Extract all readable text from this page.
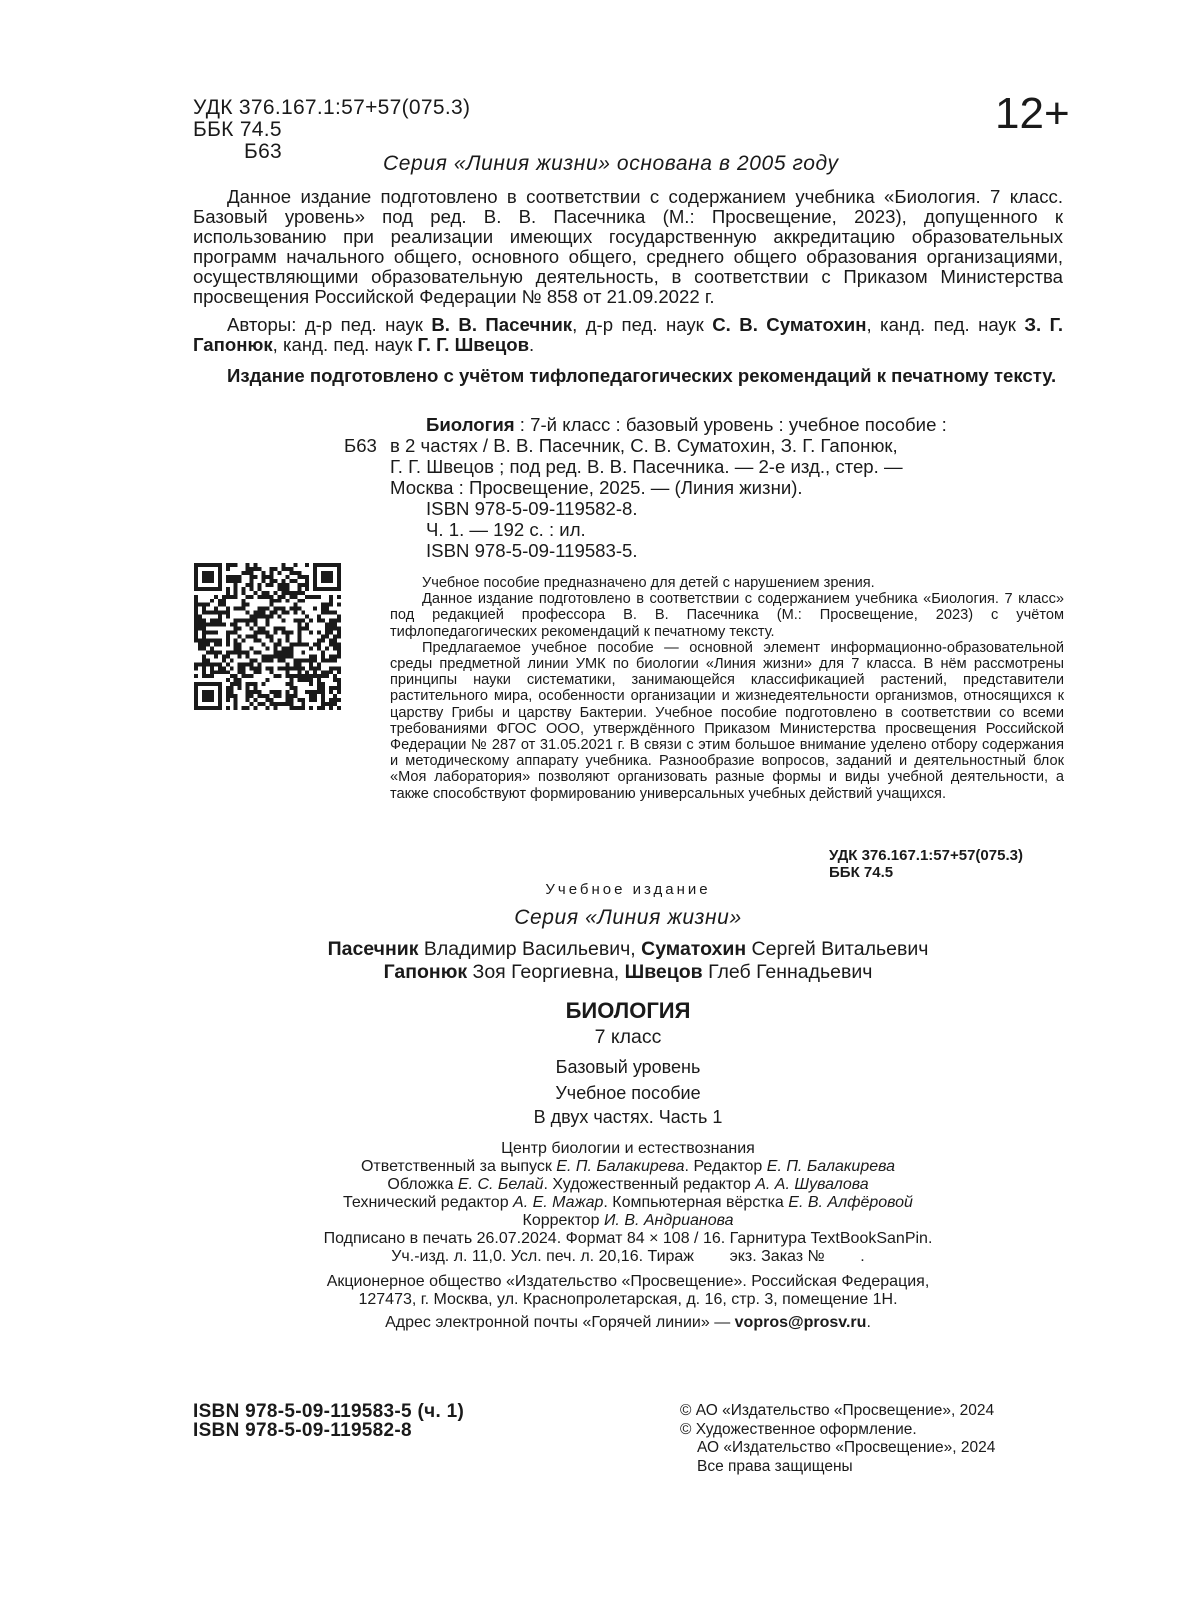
УДК 376.167.1:57+57(075.3)
ББК 74.5
Б63
12+
Серия «Линия жизни» основана в 2005 году

Данное издание подготовлено в соответствии с содержанием учебника «Биология. 7 класс. Базовый уровень» под ред. В. В. Пасечника (М.: Просвещение, 2023), допущенного к использованию при реализации имеющих государственную аккредитацию образовательных программ начального общего, основного общего, среднего общего образования организациями, осуществляющими образовательную деятельность, в соответствии с Приказом Министерства просвещения Российской Федерации № 858 от 21.09.2022 г.

Авторы: д-р пед. наук В. В. Пасечник, д-р пед. наук С. В. Суматохин, канд. пед. наук З. Г. Гапонюк, канд. пед. наук Г. Г. Швецов.

Издание подготовлено с учётом тифлопедагогических рекомендаций к печатному тексту.

Биология : 7-й класс : базовый уровень : учебное пособие :
Б63 в 2 частях / В. В. Пасечник, С. В. Суматохин, З. Г. Гапонюк,
Г. Г. Швецов ; под ред. В. В. Пасечника. — 2-е изд., стер. —
Москва : Просвещение, 2025. — (Линия жизни).
ISBN 978-5-09-119582-8.
Ч. 1. — 192 с. : ил.
ISBN 978-5-09-119583-5.

Учебное пособие предназначено для детей с нарушением зрения.

Данное издание подготовлено в соответствии с содержанием учебника «Биология. 7 класс» под редакцией профессора В. В. Пасечника (М.: Просвещение, 2023) с учётом тифлопедагогических рекомендаций к печатному тексту.

Предлагаемое учебное пособие — основной элемент информационно-образовательной среды предметной линии УМК по биологии «Линия жизни» для 7 класса. В нём рассмотрены принципы науки систематики, занимающейся классификацией растений, представители растительного мира, особенности организации и жизнедеятельности организмов, относящихся к царству Грибы и царству Бактерии. Учебное пособие подготовлено в соответствии со всеми требованиями ФГОС ООО, утверждённого Приказом Министерства просвещения Российской Федерации № 287 от 31.05.2021 г. В связи с этим большое внимание уделено отбору содержания и методическому аппарату учебника. Разнообразие вопросов, заданий и деятельностный блок «Моя лаборатория» позволяют организовать разные формы и виды учебной деятельности, а также способствуют формированию универсальных учебных действий учащихся.

УДК 376.167.1:57+57(075.3)
ББК 74.5
Учебное издание
Серия «Линия жизни»
Пасечник Владимир Васильевич, Суматохин Сергей Витальевич
Гапонюк Зоя Георгиевна, Швецов Глеб Геннадьевич
БИОЛОГИЯ
7 класс
Базовый уровень
Учебное пособие
В двух частях. Часть 1
Центр биологии и естествознания
Ответственный за выпуск Е. П. Балакирева. Редактор Е. П. Балакирева
Обложка Е. С. Белай. Художественный редактор А. А. Шувалова
Технический редактор А. Е. Мажар. Компьютерная вёрстка Е. В. Алфёровой
Корректор И. В. Андрианова
Подписано в печать 26.07.2024. Формат 84 × 108 / 16. Гарнитура TextBookSanPin.
Уч.-изд. л. 11,0. Усл. печ. л. 20,16. Тираж        экз. Заказ №        .
Акционерное общество «Издательство «Просвещение». Российская Федерация,
127473, г. Москва, ул. Краснопролетарская, д. 16, стр. 3, помещение 1Н.
Адрес электронной почты «Горячей линии» — vopros@prosv.ru.
ISBN 978-5-09-119583-5 (ч. 1)
ISBN 978-5-09-119582-8
© АО «Издательство «Просвещение», 2024
© Художественное оформление.
АО «Издательство «Просвещение», 2024
Все права защищены
